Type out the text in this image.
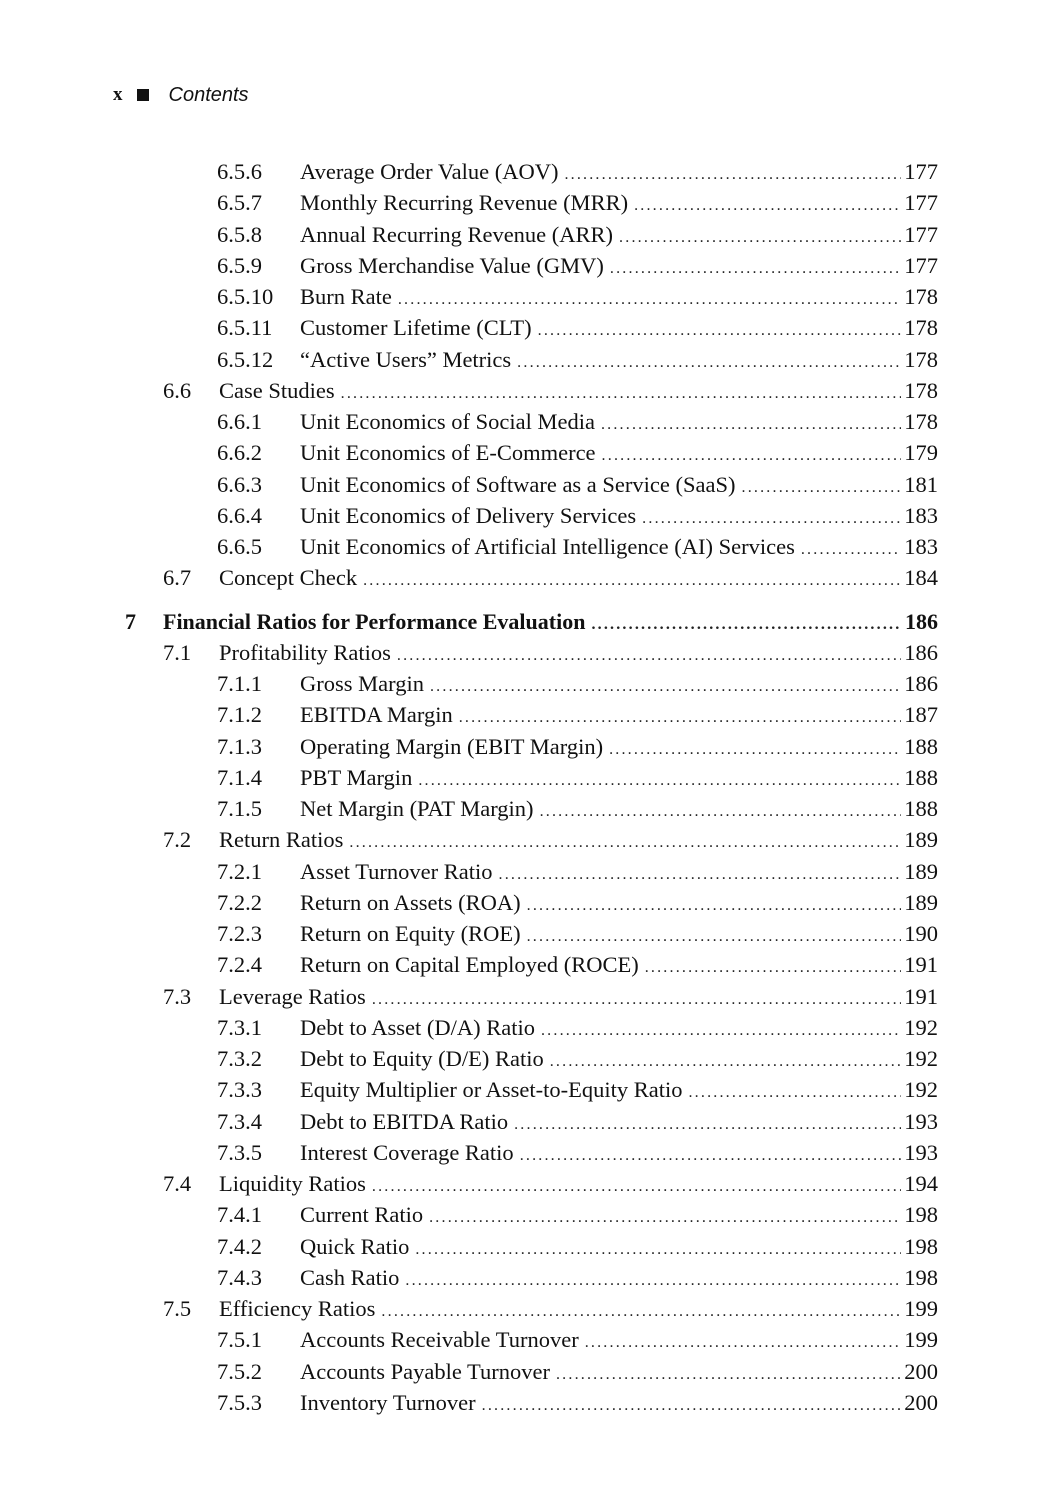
x Contents
6.5.6	Average Order Value (AOV) .....	177
6.5.7	Monthly Recurring Revenue (MRR) .....	177
6.5.8	Annual Recurring Revenue (ARR) .....	177
6.5.9	Gross Merchandise Value (GMV) .....	177
6.5.10	Burn Rate .....	178
6.5.11	Customer Lifetime (CLT) .....	178
6.5.12	“Active Users” Metrics .....	178
6.6	Case Studies .....	178
6.6.1	Unit Economics of Social Media .....	178
6.6.2	Unit Economics of E-Commerce .....	179
6.6.3	Unit Economics of Software as a Service (SaaS) .....	181
6.6.4	Unit Economics of Delivery Services .....	183
6.6.5	Unit Economics of Artificial Intelligence (AI) Services .....	183
6.7	Concept Check .....	184
7	Financial Ratios for Performance Evaluation .....	186
7.1	Profitability Ratios .....	186
7.1.1	Gross Margin .....	186
7.1.2	EBITDA Margin .....	187
7.1.3	Operating Margin (EBIT Margin) .....	188
7.1.4	PBT Margin .....	188
7.1.5	Net Margin (PAT Margin) .....	188
7.2	Return Ratios .....	189
7.2.1	Asset Turnover Ratio .....	189
7.2.2	Return on Assets (ROA) .....	189
7.2.3	Return on Equity (ROE) .....	190
7.2.4	Return on Capital Employed (ROCE) .....	191
7.3	Leverage Ratios .....	191
7.3.1	Debt to Asset (D/A) Ratio .....	192
7.3.2	Debt to Equity (D/E) Ratio .....	192
7.3.3	Equity Multiplier or Asset-to-Equity Ratio .....	192
7.3.4	Debt to EBITDA Ratio .....	193
7.3.5	Interest Coverage Ratio .....	193
7.4	Liquidity Ratios .....	194
7.4.1	Current Ratio .....	198
7.4.2	Quick Ratio .....	198
7.4.3	Cash Ratio .....	198
7.5	Efficiency Ratios .....	199
7.5.1	Accounts Receivable Turnover .....	199
7.5.2	Accounts Payable Turnover .....	200
7.5.3	Inventory Turnover .....	200
